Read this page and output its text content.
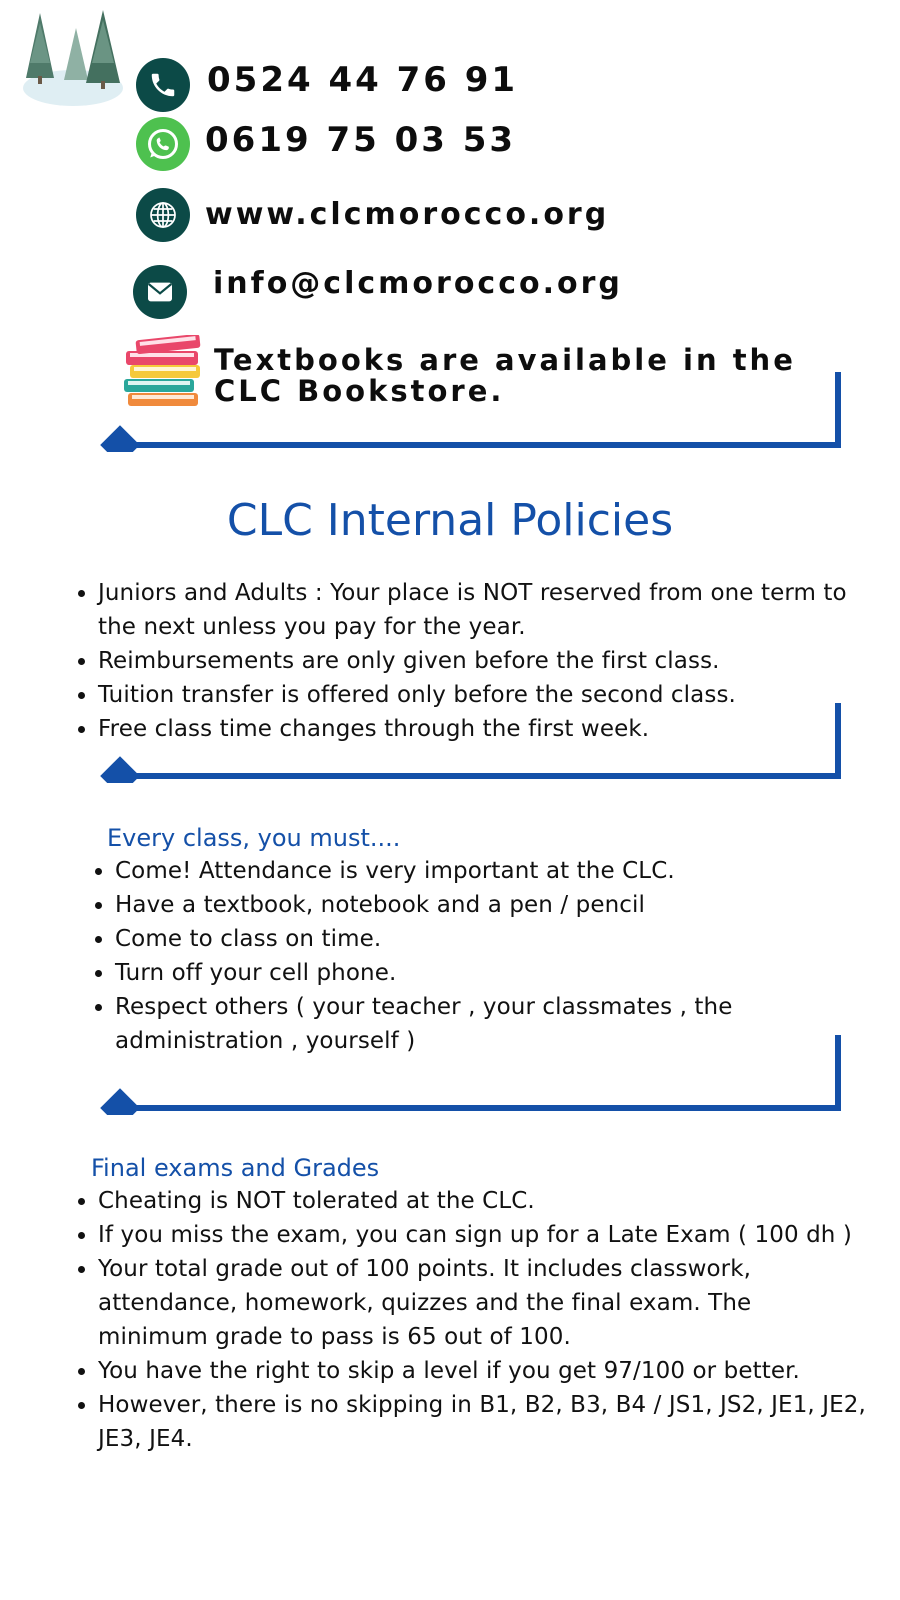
0524 44 76 91
0619 75 03 53
www.clcmorocco.org
info@clcmorocco.org
Textbooks are available in the
CLC Bookstore.
CLC Internal Policies
• Juniors and Adults : Your place is NOT reserved from one term to the next unless you pay for the year.
• Reimbursements are only given before the first class.
• Tuition transfer is offered only before the second class.
• Free class time changes through the first week.
Every class, you must....
• Come! Attendance is very important at the CLC.
• Have a textbook, notebook and a pen / pencil
• Come to class on time.
• Turn off your cell phone.
• Respect others ( your teacher , your classmates , the administration , yourself )
Final exams and Grades
• Cheating is NOT tolerated at the CLC.
• If you miss the exam, you can sign up for a Late Exam ( 100 dh )
• Your total grade out of 100 points. It includes classwork, attendance, homework, quizzes and the final exam. The minimum grade to pass is 65 out of 100.
• You have the right to skip a level if you get 97/100 or better.
• However, there is no skipping in B1, B2, B3, B4 / JS1, JS2, JE1, JE2, JE3, JE4.
